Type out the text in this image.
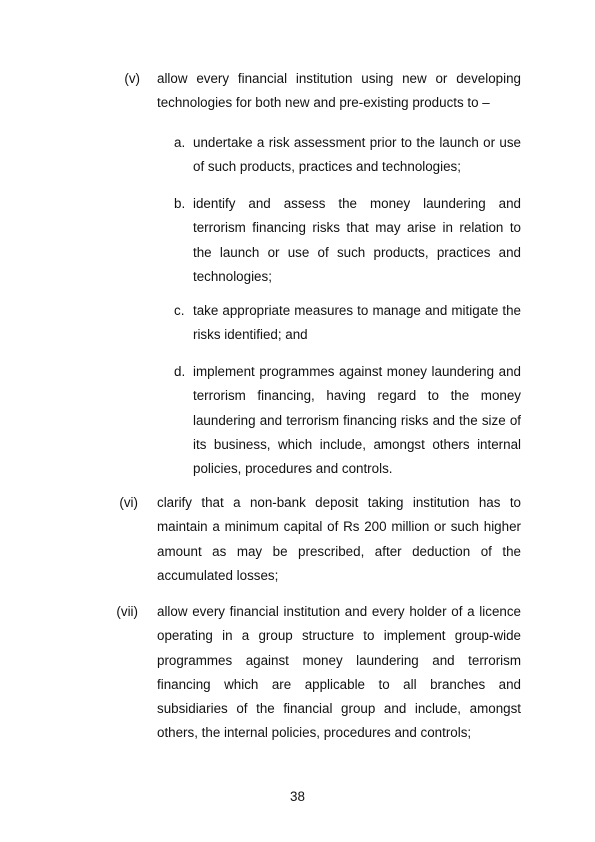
(v) allow every financial institution using new or developing technologies for both new and pre-existing products to –
a. undertake a risk assessment prior to the launch or use of such products, practices and technologies;
b. identify and assess the money laundering and terrorism financing risks that may arise in relation to the launch or use of such products, practices and technologies;
c. take appropriate measures to manage and mitigate the risks identified; and
d. implement programmes against money laundering and terrorism financing, having regard to the money laundering and terrorism financing risks and the size of its business, which include, amongst others internal policies, procedures and controls.
(vi) clarify that a non-bank deposit taking institution has to maintain a minimum capital of Rs 200 million or such higher amount as may be prescribed, after deduction of the accumulated losses;
(vii) allow every financial institution and every holder of a licence operating in a group structure to implement group-wide programmes against money laundering and terrorism financing which are applicable to all branches and subsidiaries of the financial group and include, amongst others, the internal policies, procedures and controls;
38
